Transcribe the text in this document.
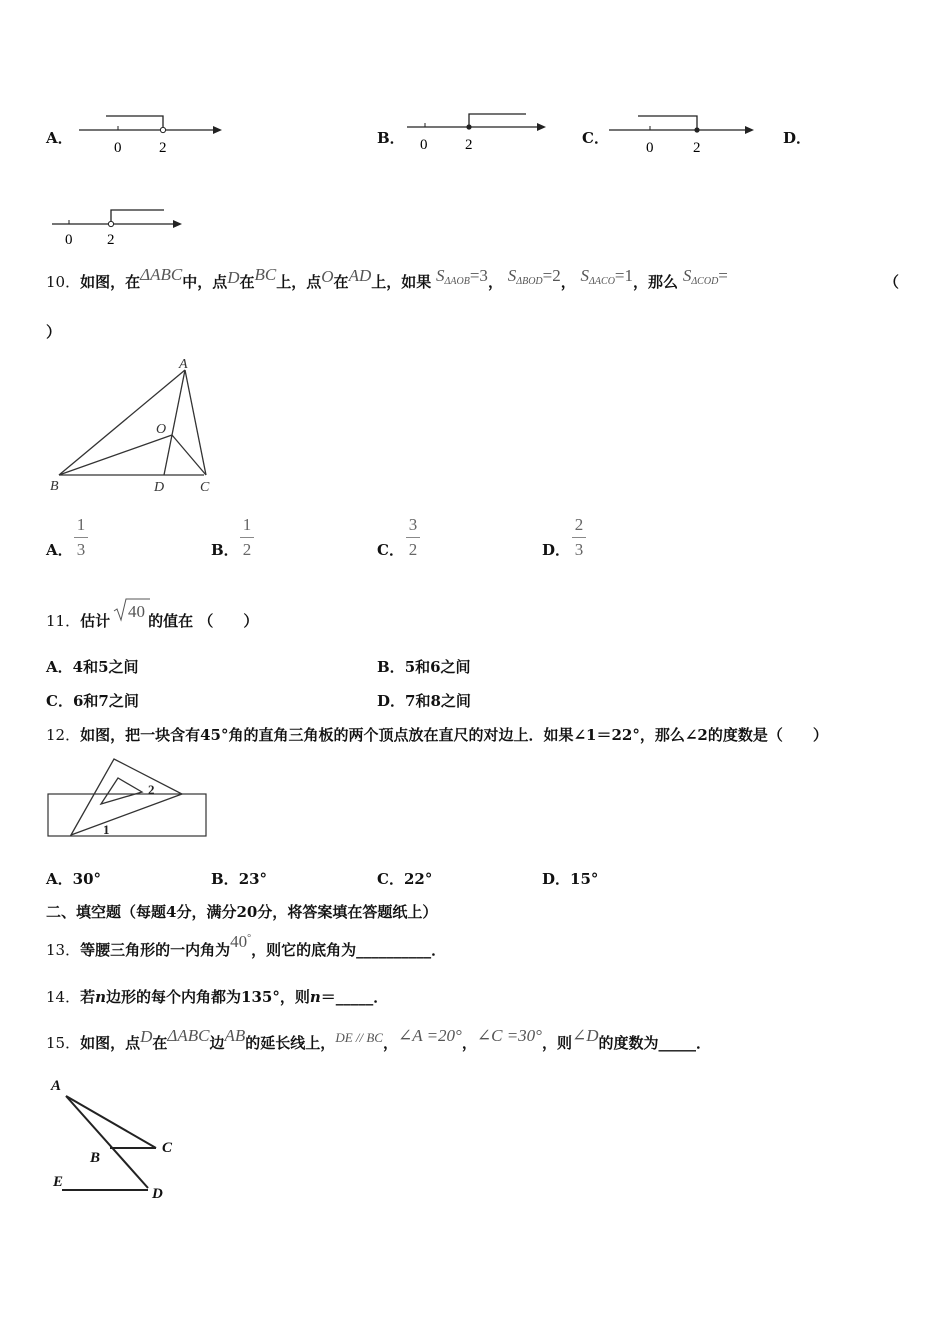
A．
0	2
B． 0	2	C．
0	2
D．
0 2
10．如图，在ΔABC中，点D在BC上，点O在AD上，如果 $S^{\Delta AOB}=3$， $S^{\Delta BOD}=2$， $S^{\Delta ACO}=1$，那么 $S^{\Delta COD}=$	（
）
A
O
B	D	C
A．
1
3	B．
1
2	C．
3
2	D．
2
3
11．估计	的值在 （　　）
40
A．4和5之间	B．5和6之间
C．6和7之间	D．7和8之间
12．如图，把一块含有45°角的直角三角板的两个顶点放在直尺的对边上．如果∠1＝22°，那么∠2的度数是（　　）
2
1
A．30°	B．23°	C．22°	D．15°
二、填空题（每题4分，满分20分，将答案填在答题纸上）
13．等腰三角形的一内角为40°，则它的底角为__________．
14．若n边形的每个内角都为135°，则n＝_____．
15．如图，点D在ΔABC边AB的延长线上，DE // BC，∠A =20°，∠C =30°，则∠D的度数为_____．
A
B
C
E
D
